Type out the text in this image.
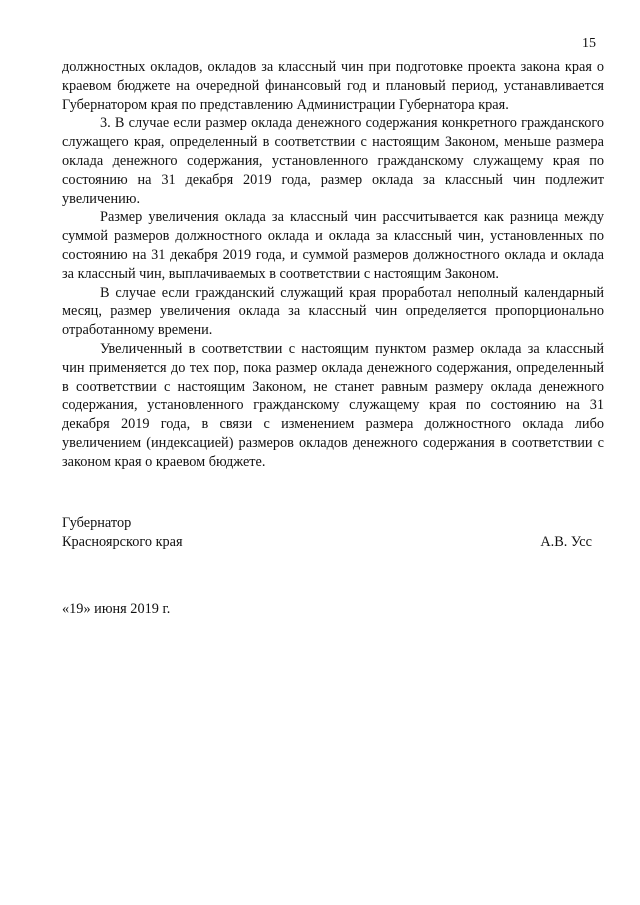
15

должностных окладов, окладов за классный чин при подготовке проекта закона края о краевом бюджете на очередной финансовый год и плановый период, устанавливается Губернатором края по представлению Администрации Губернатора края.

3. В случае если размер оклада денежного содержания конкретного гражданского служащего края, определенный в соответствии с настоящим Законом, меньше размера оклада денежного содержания, установленного гражданскому служащему края по состоянию на 31 декабря 2019 года, размер оклада за классный чин подлежит увеличению.

Размер увеличения оклада за классный чин рассчитывается как разница между суммой размеров должностного оклада и оклада за классный чин, установленных по состоянию на 31 декабря 2019 года, и суммой размеров должностного оклада и оклада за классный чин, выплачиваемых в соответствии с настоящим Законом.

В случае если гражданский служащий края проработал неполный календарный месяц, размер увеличения оклада за классный чин определяется пропорционально отработанному времени.

Увеличенный в соответствии с настоящим пунктом размер оклада за классный чин применяется до тех пор, пока размер оклада денежного содержания, определенный в соответствии с настоящим Законом, не станет равным размеру оклада денежного содержания, установленного гражданскому служащему края по состоянию на 31 декабря 2019 года, в связи с изменением размера должностного оклада либо увеличением (индексацией) размеров окладов денежного содержания в соответствии с законом края о краевом бюджете.

Губернатор
Красноярского края	А.В. Усс
«19» июня 2019 г.
